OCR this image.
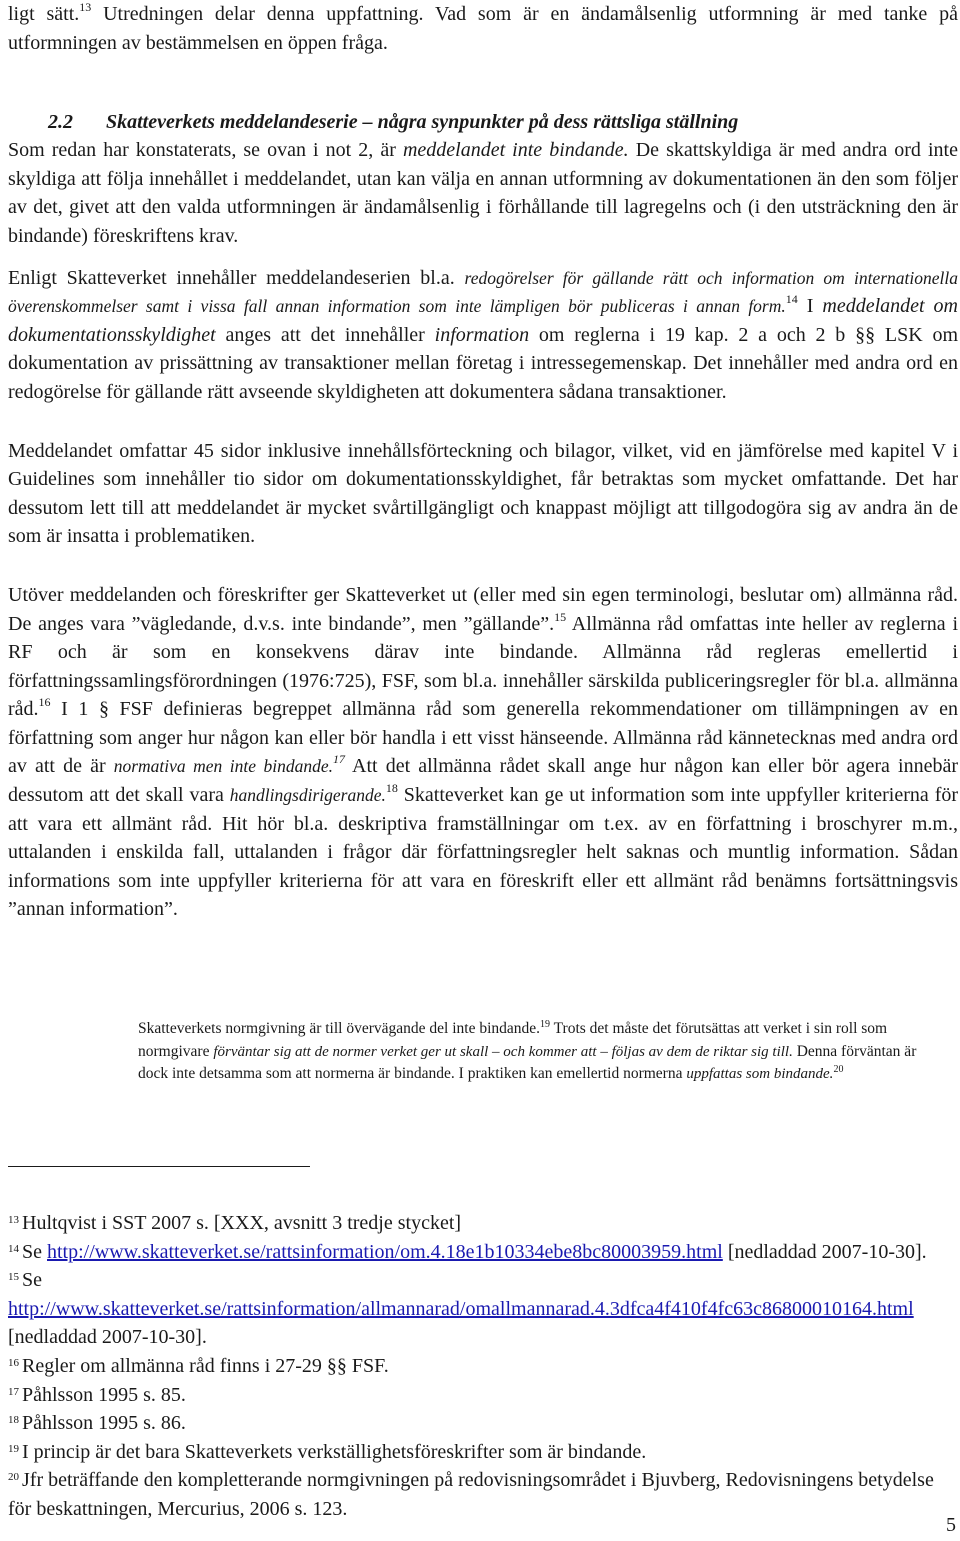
ligt sätt.$^{13}$ Utredningen delar denna uppfattning. Vad som är en ändamålsenlig utformning är med tanke på utformningen av bestämmelsen en öppen fråga.

2.2 Skatteverkets meddelandeserie – några synpunkter på dess rättsliga ställning

Som redan har konstaterats, se ovan i not 2, är meddelandet inte bindande. De skattskyldiga är med andra ord inte skyldiga att följa innehållet i meddelandet, utan kan välja en annan utformning av dokumentationen än den som följer av det, givet att den valda utformningen är ändamålsenlig i förhållande till lagregelns och (i den utsträckning den är bindande) föreskriftens krav.

Enligt Skatteverket innehåller meddelandeserien bl.a. redogörelser för gällande rätt och information om internationella överenskommelser samt i vissa fall annan information som inte lämpligen bör publiceras i annan form.$^{14}$ I meddelandet om dokumentationsskyldighet anges att det innehåller information om reglerna i 19 kap. 2 a och 2 b §§ LSK om dokumentation av prissättning av transaktioner mellan företag i intressegemenskap. Det innehåller med andra ord en redogörelse för gällande rätt avseende skyldigheten att dokumentera sådana transaktioner.

Meddelandet omfattar 45 sidor inklusive innehållsförteckning och bilagor, vilket, vid en jämförelse med kapitel V i Guidelines som innehåller tio sidor om dokumentationsskyldighet, får betraktas som mycket omfattande. Det har dessutom lett till att meddelandet är mycket svårtillgängligt och knappast möjligt att tillgodogöra sig av andra än de som är insatta i problematiken.

Utöver meddelanden och föreskrifter ger Skatteverket ut (eller med sin egen terminologi, beslutar om) allmänna råd. De anges vara ”vägledande, d.v.s. inte bindande”, men ”gällande”.$^{15}$ Allmänna råd omfattas inte heller av reglerna i RF och är som en konsekvens därav inte bindande. Allmänna råd regleras emellertid i författningssamlingsförordningen (1976:725), FSF, som bl.a. innehåller särskilda publiceringsregler för bl.a. allmänna råd.$^{16}$ I 1 § FSF definieras begreppet allmänna råd som generella rekommendationer om tillämpningen av en författning som anger hur någon kan eller bör handla i ett visst hänseende. Allmänna råd kännetecknas med andra ord av att de är normativa men inte bindande.$^{17}$ Att det allmänna rådet skall ange hur någon kan eller bör agera innebär dessutom att det skall vara handlingsdirigerande.$^{18}$ Skatteverket kan ge ut information som inte uppfyller kriterierna för att vara ett allmänt råd. Hit hör bl.a. deskriptiva framställningar om t.ex. av en författning i broschyrer m.m., uttalanden i enskilda fall, uttalanden i frågor där författningsregler helt saknas och muntlig information. Sådan informations som inte uppfyller kriterierna för att vara en föreskrift eller ett allmänt råd benämns fortsättningsvis ”annan information”.

Skatteverkets normgivning är till övervägande del inte bindande.$^{19}$ Trots det måste det förutsättas att verket i sin roll som normgivare förväntar sig att de normer verket ger ut skall – och kommer att – följas av dem de riktar sig till. Denna förväntan är dock inte detsamma som att normerna är bindande. I praktiken kan emellertid normerna uppfattas som bindande.$^{20}$

$^{13}$ Hultqvist i SST 2007 s. [XXX, avsnitt 3 tredje stycket]

$^{14}$ Se http://www.skatteverket.se/rattsinformation/om.4.18e1b10334ebe8bc80003959.html [nedladdad 2007-10-30].

$^{15}$ Se
http://www.skatteverket.se/rattsinformation/allmannarad/omallmannarad.4.3dfca4f410f4fc63c86800010164.html
[nedladdad 2007-10-30].

$^{16}$ Regler om allmänna råd finns i 27-29 §§ FSF.

$^{17}$ Påhlsson 1995 s. 85.

$^{18}$ Påhlsson 1995 s. 86.

$^{19}$ I princip är det bara Skatteverkets verkställighetsföreskrifter som är bindande.

$^{20}$ Jfr beträffande den kompletterande normgivningen på redovisningsområdet i Bjuvberg, Redovisningens betydelse för beskattningen, Mercurius, 2006 s. 123.

5
